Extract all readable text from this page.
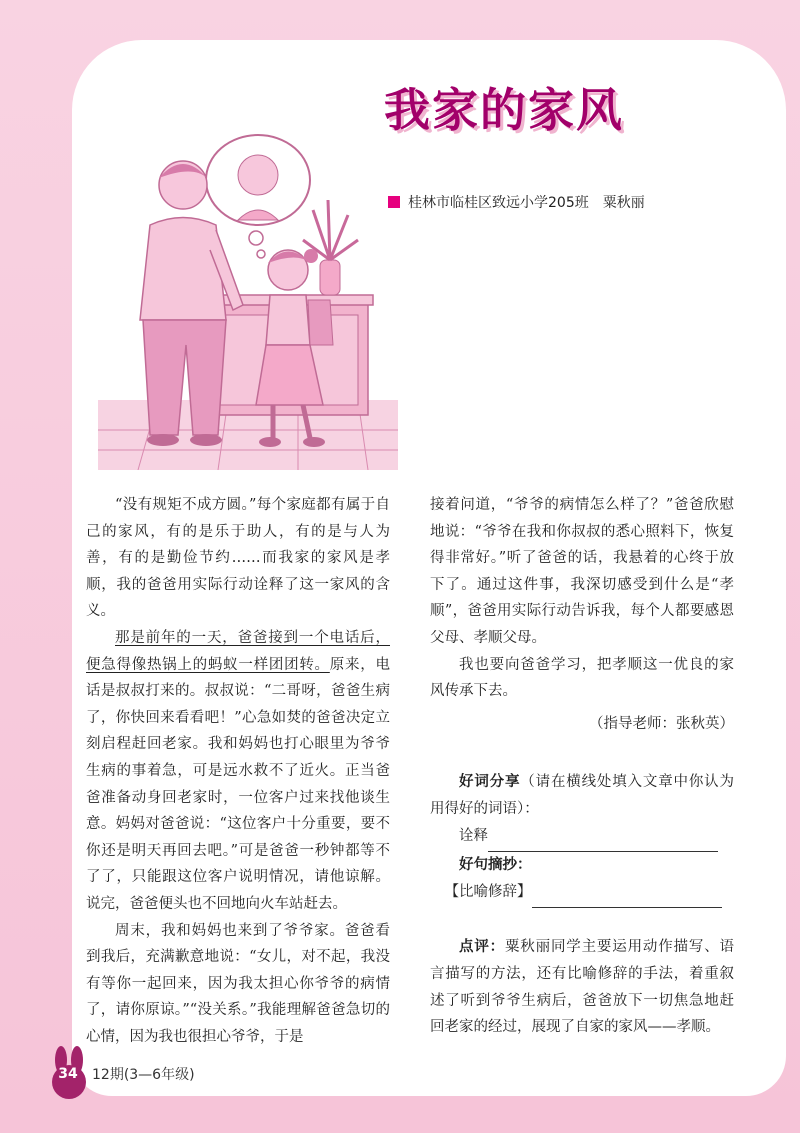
我家的家风
桂林市临桂区致远小学205班　粟秋丽

“没有规矩不成方圆。”每个家庭都有属于自己的家风，有的是乐于助人，有的是与人为善，有的是勤俭节约……而我家的家风是孝顺，我的爸爸用实际行动诠释了这一家风的含义。

那是前年的一天，爸爸接到一个电话后，便急得像热锅上的蚂蚁一样团团转。原来，电话是叔叔打来的。叔叔说：“二哥呀，爸爸生病了，你快回来看看吧！”心急如焚的爸爸决定立刻启程赶回老家。我和妈妈也打心眼里为爷爷生病的事着急，可是远水救不了近火。正当爸爸准备动身回老家时，一位客户过来找他谈生意。妈妈对爸爸说：“这位客户十分重要，要不你还是明天再回去吧。”可是爸爸一秒钟都等不了了，只能跟这位客户说明情况，请他谅解。说完，爸爸便头也不回地向火车站赶去。

周末，我和妈妈也来到了爷爷家。爸爸看到我后，充满歉意地说：“女儿，对不起，我没有等你一起回来，因为我太担心你爷爷的病情了，请你原谅。”“没关系。”我能理解爸爸急切的心情，因为我也很担心爷爷，于是

接着问道，“爷爷的病情怎么样了？”爸爸欣慰地说：“爷爷在我和你叔叔的悉心照料下，恢复得非常好。”听了爸爸的话，我悬着的心终于放下了。通过这件事，我深切感受到什么是“孝顺”，爸爸用实际行动告诉我，每个人都要感恩父母、孝顺父母。

我也要向爸爸学习，把孝顺这一优良的家风传承下去。

（指导老师：张秋英）

好词分享（请在横线处填入文章中你认为用得好的词语）：

诠释

好句摘抄：

【比喻修辞】

点评：粟秋丽同学主要运用动作描写、语言描写的方法，还有比喻修辞的手法，着重叙述了听到爷爷生病后，爸爸放下一切焦急地赶回老家的经过，展现了自家的家风——孝顺。

34	12期(3—6年级)
